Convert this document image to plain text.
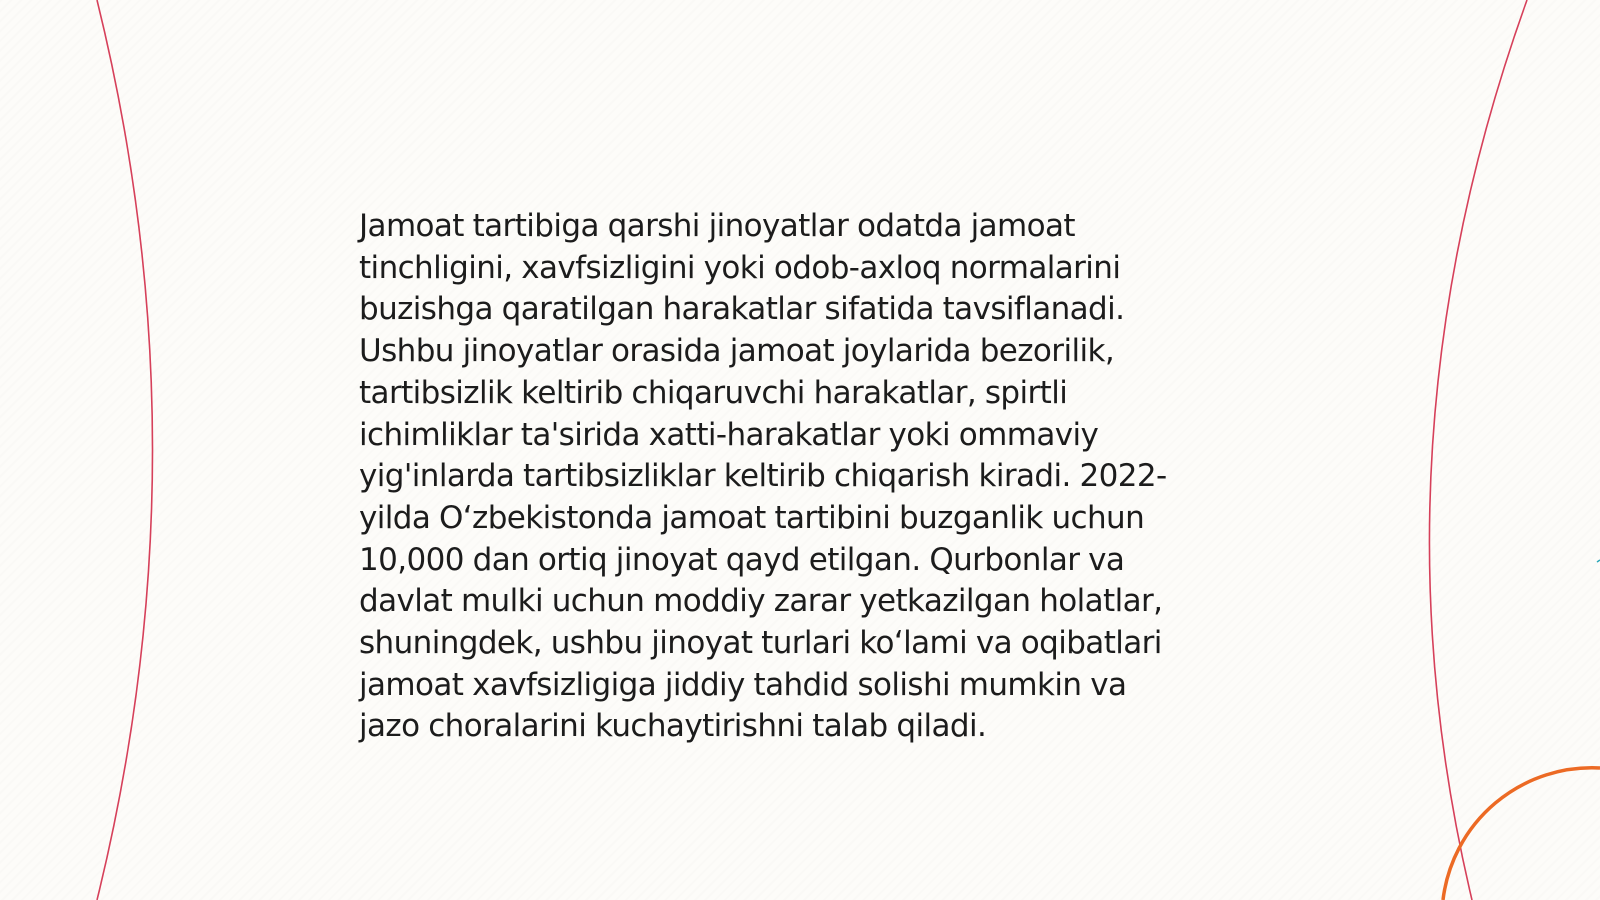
Jamoat tartibiga qarshi jinoyatlar odatda jamoat
tinchligini, xavfsizligini yoki odob-axloq normalarini
buzishga qaratilgan harakatlar sifatida tavsiflanadi.
Ushbu jinoyatlar orasida jamoat joylarida bezorilik,
tartibsizlik keltirib chiqaruvchi harakatlar, spirtli
ichimliklar ta'sirida xatti-harakatlar yoki ommaviy
yig'inlarda tartibsizliklar keltirib chiqarish kiradi. 2022-
yilda O‘zbekistonda jamoat tartibini buzganlik uchun
10,000 dan ortiq jinoyat qayd etilgan. Qurbonlar va
davlat mulki uchun moddiy zarar yetkazilgan holatlar,
shuningdek, ushbu jinoyat turlari ko‘lami va oqibatlari
jamoat xavfsizligiga jiddiy tahdid solishi mumkin va
jazo choralarini kuchaytirishni talab qiladi.
